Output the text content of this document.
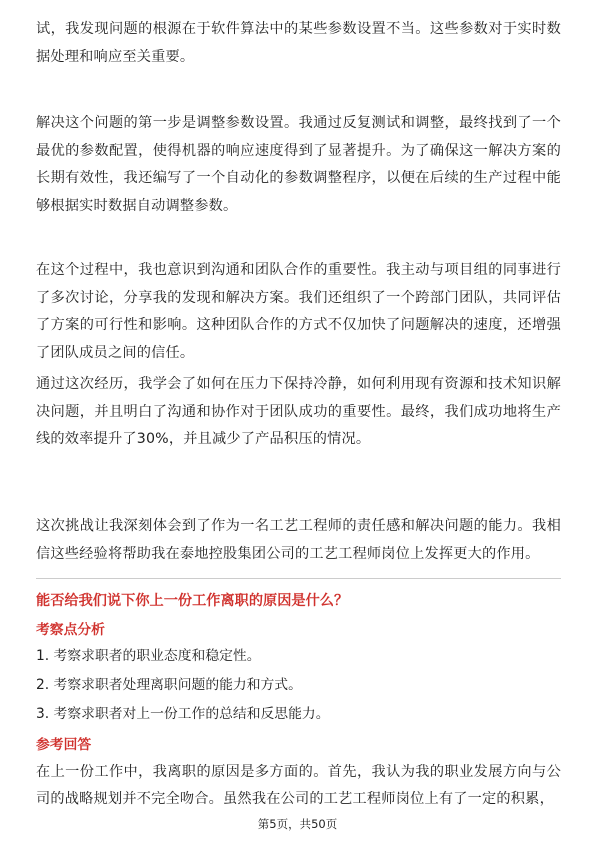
试，我发现问题的根源在于软件算法中的某些参数设置不当。这些参数对于实时数据处理和响应至关重要。

解决这个问题的第一步是调整参数设置。我通过反复测试和调整，最终找到了一个最优的参数配置，使得机器的响应速度得到了显著提升。为了确保这一解决方案的长期有效性，我还编写了一个自动化的参数调整程序，以便在后续的生产过程中能够根据实时数据自动调整参数。

在这个过程中，我也意识到沟通和团队合作的重要性。我主动与项目组的同事进行了多次讨论，分享我的发现和解决方案。我们还组织了一个跨部门团队，共同评估了方案的可行性和影响。这种团队合作的方式不仅加快了问题解决的速度，还增强了团队成员之间的信任。

通过这次经历，我学会了如何在压力下保持冷静，如何利用现有资源和技术知识解决问题，并且明白了沟通和协作对于团队成功的重要性。最终，我们成功地将生产线的效率提升了30%，并且减少了产品积压的情况。

这次挑战让我深刻体会到了作为一名工艺工程师的责任感和解决问题的能力。我相信这些经验将帮助我在泰地控股集团公司的工艺工程师岗位上发挥更大的作用。

能否给我们说下你上一份工作离职的原因是什么？
考察点分析
1. 考察求职者的职业态度和稳定性。
2. 考察求职者处理离职问题的能力和方式。
3. 考察求职者对上一份工作的总结和反思能力。
参考回答

在上一份工作中，我离职的原因是多方面的。首先，我认为我的职业发展方向与公司的战略规划并不完全吻合。虽然我在公司的工艺工程师岗位上有了一定的积累，

第5页，共50页
